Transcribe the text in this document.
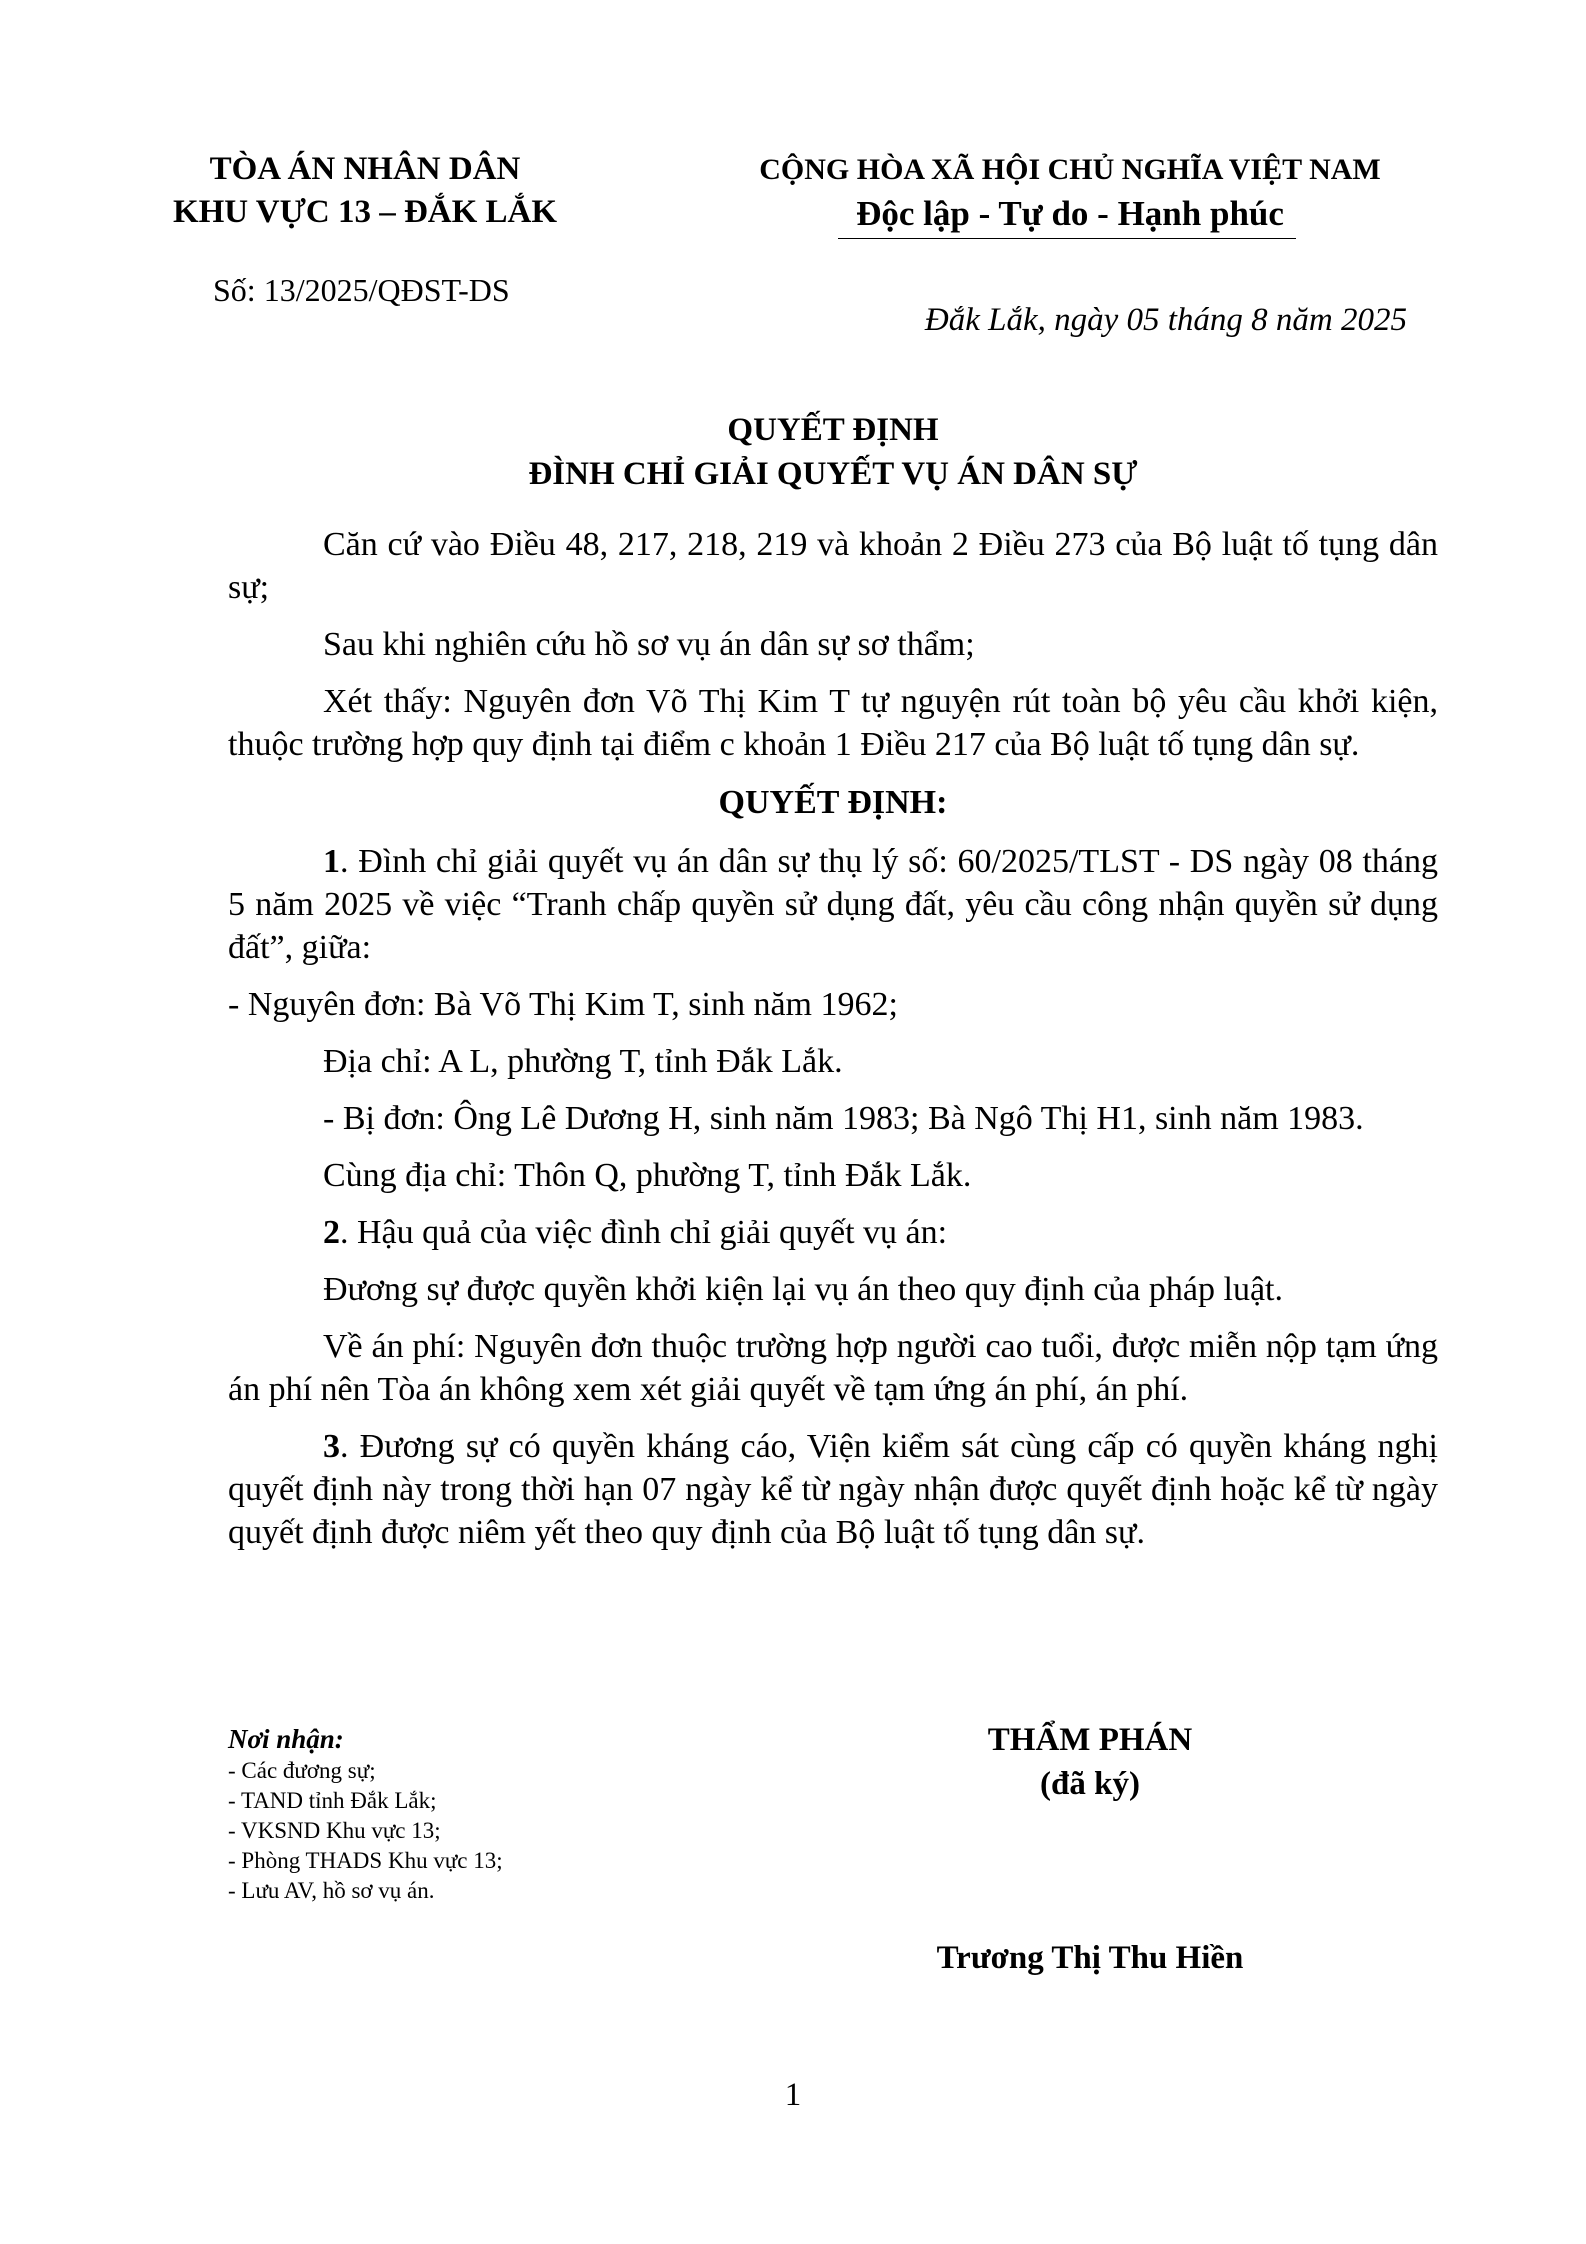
TÒA ÁN NHÂN DÂN
KHU VỰC 13 – ĐẮK LẮK
CỘNG HÒA XÃ HỘI CHỦ NGHĨA VIỆT NAM
Độc lập - Tự do - Hạnh phúc
Số: 13/2025/QĐST-DS
Đắk Lắk, ngày 05 tháng 8 năm 2025
QUYẾT ĐỊNH
ĐÌNH CHỈ GIẢI QUYẾT VỤ ÁN DÂN SỰ

Căn cứ vào Điều 48, 217, 218, 219 và khoản 2 Điều 273 của Bộ luật tố tụng dân sự;

Sau khi nghiên cứu hồ sơ vụ án dân sự sơ thẩm;

Xét thấy: Nguyên đơn Võ Thị Kim T tự nguyện rút toàn bộ yêu cầu khởi kiện, thuộc trường hợp quy định tại điểm c khoản 1 Điều 217 của Bộ luật tố tụng dân sự.

QUYẾT ĐỊNH:

1. Đình chỉ giải quyết vụ án dân sự thụ lý số: 60/2025/TLST - DS ngày 08 tháng 5 năm 2025 về việc “Tranh chấp quyền sử dụng đất, yêu cầu công nhận quyền sử dụng đất”, giữa:

- Nguyên đơn: Bà Võ Thị Kim T, sinh năm 1962;

Địa chỉ: A L, phường T, tỉnh Đắk Lắk.

- Bị đơn: Ông Lê Dương H, sinh năm 1983; Bà Ngô Thị H1, sinh năm 1983.

Cùng địa chỉ: Thôn Q, phường T, tỉnh Đắk Lắk.

2. Hậu quả của việc đình chỉ giải quyết vụ án:

Đương sự được quyền khởi kiện lại vụ án theo quy định của pháp luật.

Về án phí: Nguyên đơn thuộc trường hợp người cao tuổi, được miễn nộp tạm ứng án phí nên Tòa án không xem xét giải quyết về tạm ứng án phí, án phí.

3. Đương sự có quyền kháng cáo, Viện kiểm sát cùng cấp có quyền kháng nghị quyết định này trong thời hạn 07 ngày kể từ ngày nhận được quyết định hoặc kể từ ngày quyết định được niêm yết theo quy định của Bộ luật tố tụng dân sự.

Nơi nhận:
- Các đương sự;
- TAND tỉnh Đắk Lắk;
- VKSND Khu vực 13;
- Phòng THADS Khu vực 13;
- Lưu AV, hồ sơ vụ án.
THẨM PHÁN
(đã ký)
Trương Thị Thu Hiền
1
